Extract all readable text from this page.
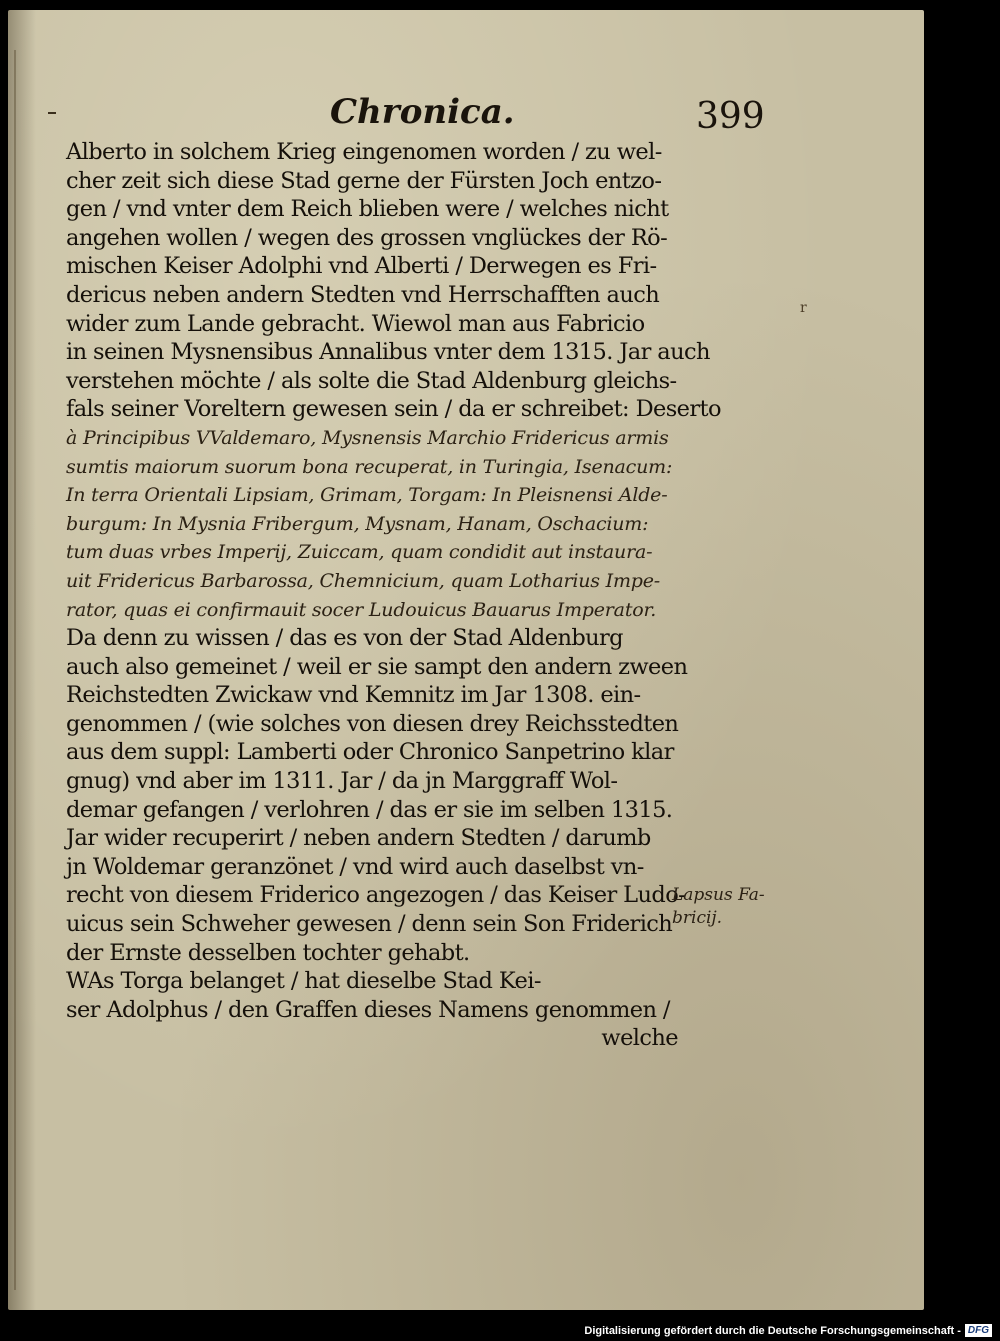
Chronica.	399
r
Alberto in solchem Krieg eingenomen worden / zu wel-
cher zeit sich diese Stad gerne der Fürsten Joch entzo-
gen / vnd vnter dem Reich blieben were / welches nicht
angehen wollen / wegen des grossen vnglückes der Rö-
mischen Keiser Adolphi vnd Alberti / Derwegen es Fri-
dericus neben andern Stedten vnd Herrschafften auch
wider zum Lande gebracht. Wiewol man aus Fabricio
in seinen Mysnensibus Annalibus vnter dem 1315. Jar auch
verstehen möchte / als solte die Stad Aldenburg gleichs-
fals seiner Voreltern gewesen sein / da er schreibet: Deserto
à Principibus VValdemaro, Mysnensis Marchio Fridericus armis
sumtis maiorum suorum bona recuperat, in Turingia, Isenacum:
In terra Orientali Lipsiam, Grimam, Torgam: In Pleisnensi Alde-
burgum: In Mysnia Fribergum, Mysnam, Hanam, Oschacium:
tum duas vrbes Imperij, Zuiccam, quam condidit aut instaura-
uit Fridericus Barbarossa, Chemnicium, quam Lotharius Impe-
rator, quas ei confirmauit socer Ludouicus Bauarus Imperator.
Da denn zu wissen / das es von der Stad Aldenburg
auch also gemeinet / weil er sie sampt den andern zween
Reichstedten Zwickaw vnd Kemnitz im Jar 1308. ein-
genommen / (wie solches von diesen drey Reichsstedten
aus dem suppl: Lamberti oder Chronico Sanpetrino klar
gnug) vnd aber im 1311. Jar / da jn Marggraff Wol-
demar gefangen / verlohren / das er sie im selben 1315.
Jar wider recuperirt / neben andern Stedten / darumb
jn Woldemar geranzönet / vnd wird auch daselbst vn-
recht von diesem Friderico angezogen / das Keiser Ludo-
uicus sein Schweher gewesen / denn sein Son Friderich
der Ernste desselben tochter gehabt.
WAs Torga belanget / hat dieselbe Stad Kei-
ser Adolphus / den Graffen dieses Namens genommen /
welche
Lapsus Fa-
bricij.
Digitalisierung gefördert durch die Deutsche Forschungsgemeinschaft - DFG
